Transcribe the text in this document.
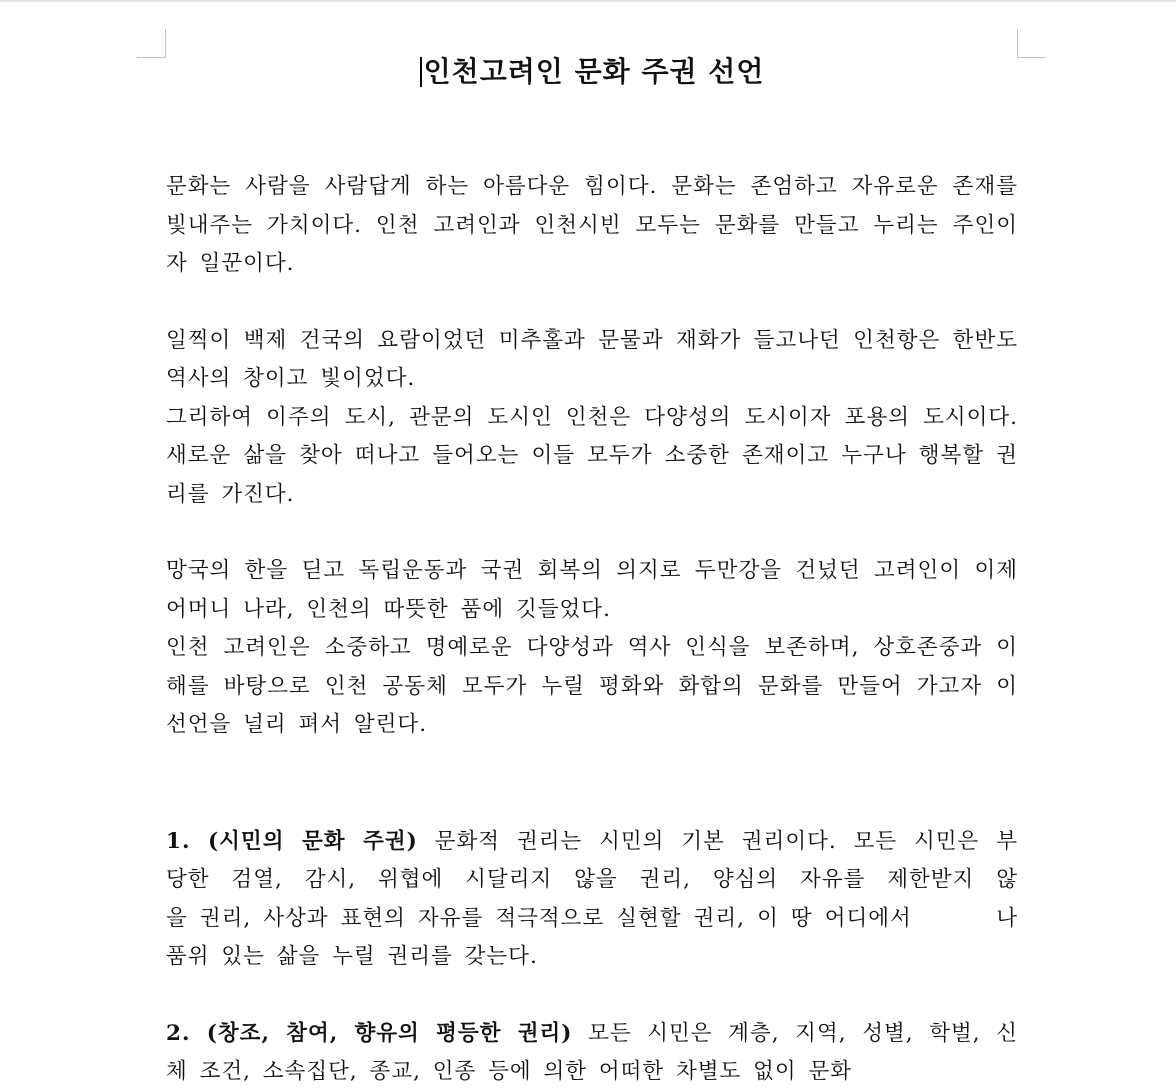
인천고려인 문화 주권 선언

문화는 사람을 사람답게 하는 아름다운 힘이다. 문화는 존엄하고 자유로운 존재를 빛내주는 가치이다. 인천 고려인과 인천시빈 모두는 문화를 만들고 누리는 주인이자 일꾼이다.

일찍이 백제 건국의 요람이었던 미추홀과 문물과 재화가 들고나던 인천항은 한반도 역사의 창이고 빛이었다.

그리하여 이주의 도시, 관문의 도시인 인천은 다양성의 도시이자 포용의 도시이다. 새로운 삶을 찾아 떠나고 들어오는 이들 모두가 소중한 존재이고 누구나 행복할 권리를 가진다.

망국의 한을 딛고 독립운동과 국권 회복의 의지로 두만강을 건넜던 고려인이 이제 어머니 나라, 인천의 따뜻한 품에 깃들었다.

인천 고려인은 소중하고 명예로운 다양성과 역사 인식을 보존하며, 상호존중과 이해를 바탕으로 인천 공동체 모두가 누릴 평화와 화합의 문화를 만들어 가고자 이 선언을 널리 펴서 알린다.

1. (시민의 문화 주권) 문화적 권리는 시민의 기본 권리이다. 모든 시민은 부      당한 검열, 감시, 위협에 시달리지 않을 권리, 양심의 자유를 제한받지 않       을 권리, 사상과 표현의 자유를 적극적으로 실현할 권리, 이 땅 어디에서       나 품위 있는 삶을 누릴 권리를 갖는다.

2. (창조, 참여, 향유의 평등한 권리) 모든 시민은 계층, 지역, 성별, 학벌, 신       체 조건, 소속집단, 종교, 인종 등에 의한 어떠한 차별도 없이 문화
